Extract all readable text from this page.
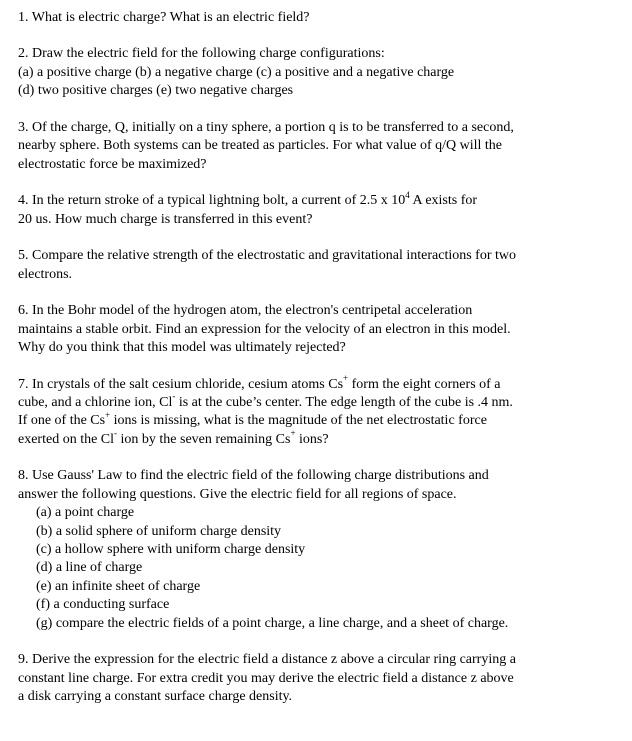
1. What is electric charge? What is an electric field?

2. Draw the electric field for the following charge configurations:

(a) a positive charge (b) a negative charge (c) a positive and a negative charge

(d) two positive charges (e) two negative charges

3. Of the charge, Q, initially on a tiny sphere, a portion q is to be transferred to a second,

nearby sphere. Both systems can be treated as particles. For what value of q/Q will the

electrostatic force be maximized?

4. In the return stroke of a typical lightning bolt, a current of 2.5 x $10^4$ A exists for

20 us. How much charge is transferred in this event?

5. Compare the relative strength of the electrostatic and gravitational interactions for two

electrons.

6. In the Bohr model of the hydrogen atom, the electron's centripetal acceleration

maintains a stable orbit. Find an expression for the velocity of an electron in this model.

Why do you think that this model was ultimately rejected?

7. In crystals of the salt cesium chloride, cesium atoms Cs+ form the eight corners of a

cube, and a chlorine ion, Cl- is at the cube’s center. The edge length of the cube is .4 nm.

If one of the Cs+ ions is missing, what is the magnitude of the net electrostatic force

exerted on the Cl- ion by the seven remaining Cs+ ions?

8. Use Gauss' Law to find the electric field of the following charge distributions and

answer the following questions. Give the electric field for all regions of space.

(a) a point charge

(b) a solid sphere of uniform charge density

(c) a hollow sphere with uniform charge density

(d) a line of charge

(e) an infinite sheet of charge

(f) a conducting surface

(g) compare the electric fields of a point charge, a line charge, and a sheet of charge.

9. Derive the expression for the electric field a distance z above a circular ring carrying a

constant line charge. For extra credit you may derive the electric field a distance z above

a disk carrying a constant surface charge density.
